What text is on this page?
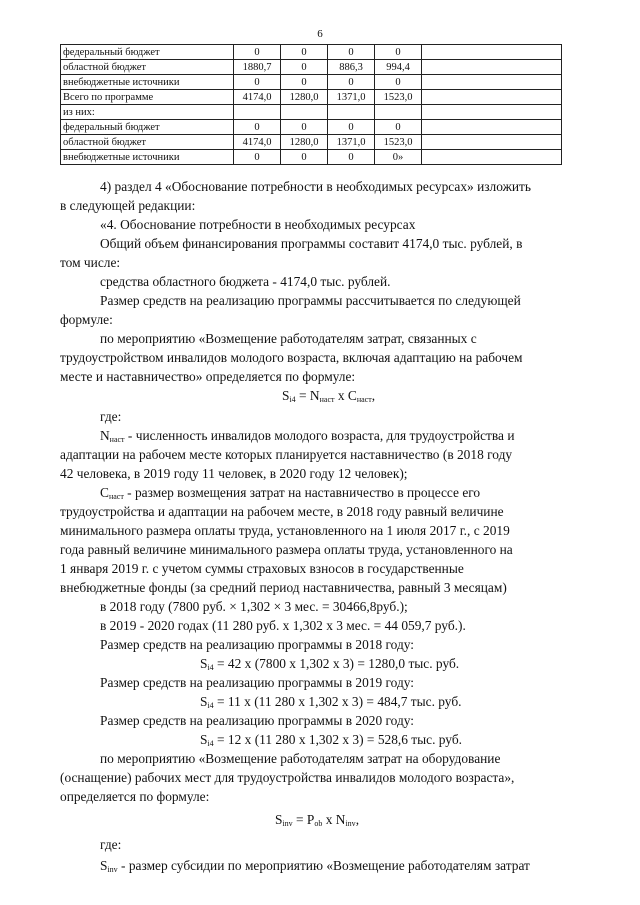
6
федеральный бюджет	0	0	0	0	
областной бюджет	1880,7	0	886,3	994,4	
внебюджетные источники	0	0	0	0	
Всего по программе	4174,0	1280,0	1371,0	1523,0	
из них:					
федеральный бюджет	0	0	0	0	
областной бюджет	4174,0	1280,0	1371,0	1523,0	
внебюджетные источники	0	0	0	0»	
4) раздел 4 «Обоснование потребности в необходимых ресурсах» изложить
в следующей редакции:
«4. Обоснование потребности в необходимых ресурсах
Общий объем финансирования программы составит 4174,0 тыс. рублей, в
том числе:
средства областного бюджета - 4174,0 тыс. рублей.
Размер средств на реализацию программы рассчитывается по следующей
формуле:
по мероприятию «Возмещение работодателям затрат, связанных с
трудоустройством инвалидов молодого возраста, включая адаптацию на рабочем
месте и наставничество» определяется по формуле:
$S_{i4} = N_{наст}$ x $C_{наст}$,
где:
$N_{наст}$ - численность инвалидов молодого возраста, для трудоустройства и
адаптации на рабочем месте которых планируется наставничество (в 2018 году
42 человека, в 2019 году 11 человек, в 2020 году 12 человек);
$C_{наст}$ - размер возмещения затрат на наставничество в процессе его
трудоустройства и адаптации на рабочем месте, в 2018 году равный величине
минимального размера оплаты труда, установленного на 1 июля 2017 г., с 2019
года равный величине минимального размера оплаты труда, установленного на
1 января 2019 г. с учетом суммы страховых взносов в государственные
внебюджетные фонды (за средний период наставничества, равный 3 месяцам)
в 2018 году (7800 руб. × 1,302 × 3 мес. = 30466,8руб.);
в 2019 - 2020 годах (11 280 руб. x 1,302 x 3 мес. = 44 059,7 руб.).
Размер средств на реализацию программы в 2018 году:
$S_{i4} = 42$ x (7800 x 1,302 x 3) = 1280,0 тыс. руб.
Размер средств на реализацию программы в 2019 году:
$S_{i4} = 11$ x (11 280 x 1,302 x 3) = 484,7 тыс. руб.
Размер средств на реализацию программы в 2020 году:
$S_{i4} = 12$ x (11 280 x 1,302 x 3) = 528,6 тыс. руб.
по мероприятию «Возмещение работодателям затрат на оборудование
(оснащение) рабочих мест для трудоустройства инвалидов молодого возраста»,
определяется по формуле:
$S_{inv} = P_{ob}$ x $N_{inv}$,
где:
$S_{inv}$ - размер субсидии по мероприятию «Возмещение работодателям затрат
